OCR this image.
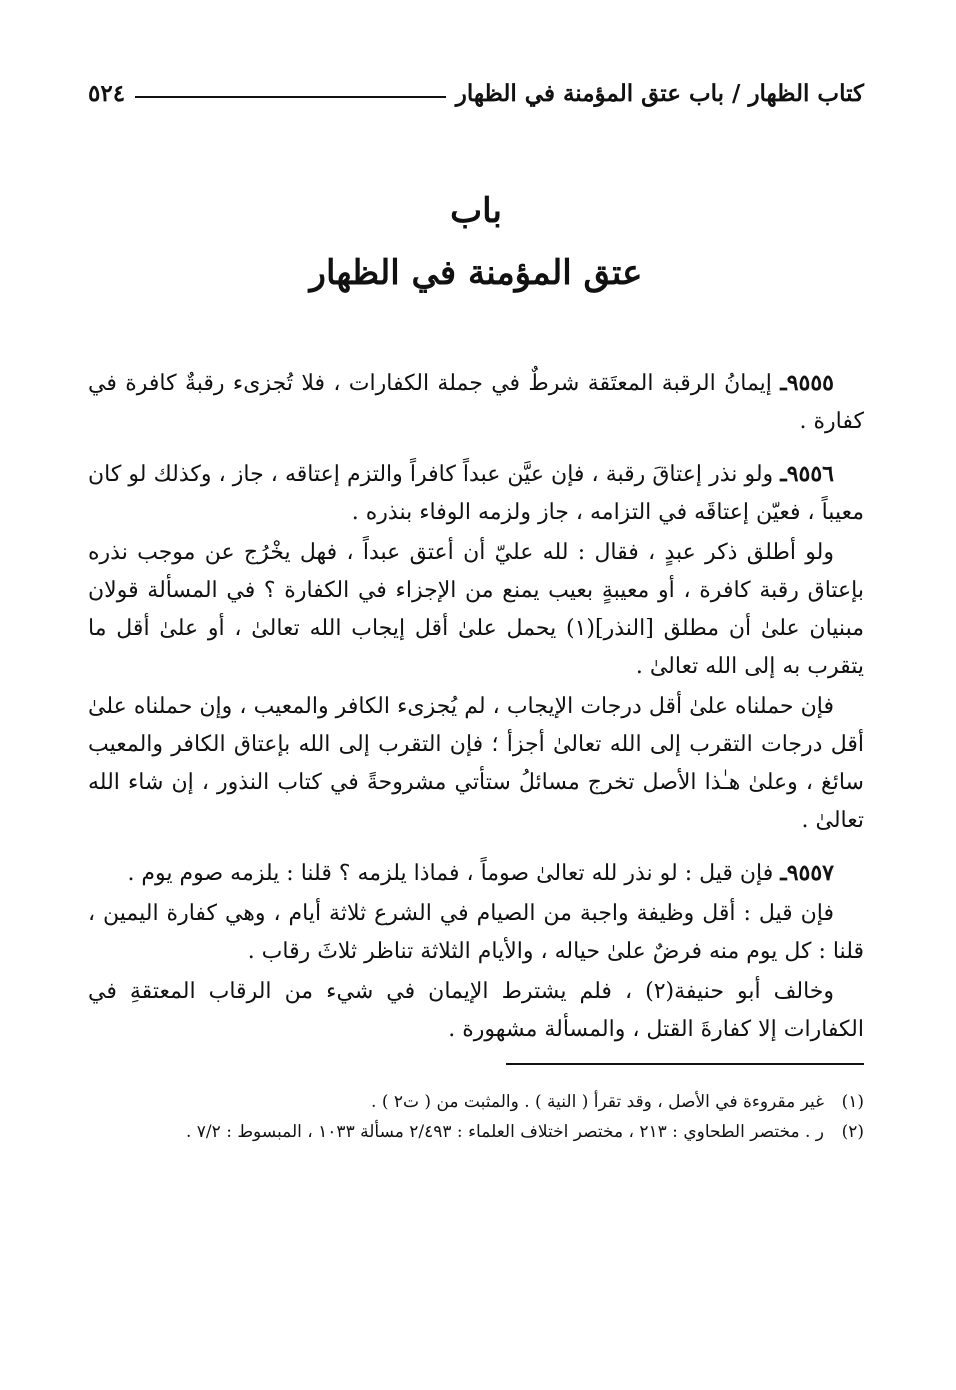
كتاب الظهار / باب عتق المؤمنة في الظهار
٥٢٤
باب
عتق المؤمنة في الظهار

٩٥٥٥ـ إيمانُ الرقبة المعتَقة شرطٌ في جملة الكفارات ، فلا تُجزىء رقبةٌ كافرة في كفارة .

٩٥٥٦ـ ولو نذر إعتاقَ رقبة ، فإن عيَّن عبداً كافراً والتزم إعتاقه ، جاز ، وكذلك لو كان معيباً ، فعيّن إعتاقَه في التزامه ، جاز ولزمه الوفاء بنذره .

ولو أطلق ذكر عبدٍ ، فقال : لله عليّ أن أعتق عبداً ، فهل يخْرُج عن موجب نذره بإعتاق رقبة كافرة ، أو معيبةٍ بعيب يمنع من الإجزاء في الكفارة ؟ في المسألة قولان مبنيان علىٰ أن مطلق [النذر](١) يحمل علىٰ أقل إيجاب الله تعالىٰ ، أو علىٰ أقل ما يتقرب به إلى الله تعالىٰ .

فإن حملناه علىٰ أقل درجات الإيجاب ، لم يُجزىء الكافر والمعيب ، وإن حملناه علىٰ أقل درجات التقرب إلى الله تعالىٰ أجزأ ؛ فإن التقرب إلى الله بإعتاق الكافر والمعيب سائغ ، وعلىٰ هـٰذا الأصل تخرج مسائلُ ستأتي مشروحةً في كتاب النذور ، إن شاء الله تعالىٰ .

٩٥٥٧ـ فإن قيل : لو نذر لله تعالىٰ صوماً ، فماذا يلزمه ؟ قلنا : يلزمه صوم يوم .

فإن قيل : أقل وظيفة واجبة من الصيام في الشرع ثلاثة أيام ، وهي كفارة اليمين ، قلنا : كل يوم منه فرضٌ علىٰ حياله ، والأيام الثلاثة تناظر ثلاثَ رقاب .

وخالف أبو حنيفة(٢) ، فلم يشترط الإيمان في شيء من الرقاب المعتقةِ في الكفارات إلا كفارةَ القتل ، والمسألة مشهورة .

(١)
غير مقروءة في الأصل ، وقد تقرأ ( النية ) . والمثبت من ( ت٢ ) .
(٢)
ر . مختصر الطحاوي : ٢١٣ ، مختصر اختلاف العلماء : ٢/٤٩٣ مسألة ١٠٣٣ ، المبسوط : ٧/٢ .
